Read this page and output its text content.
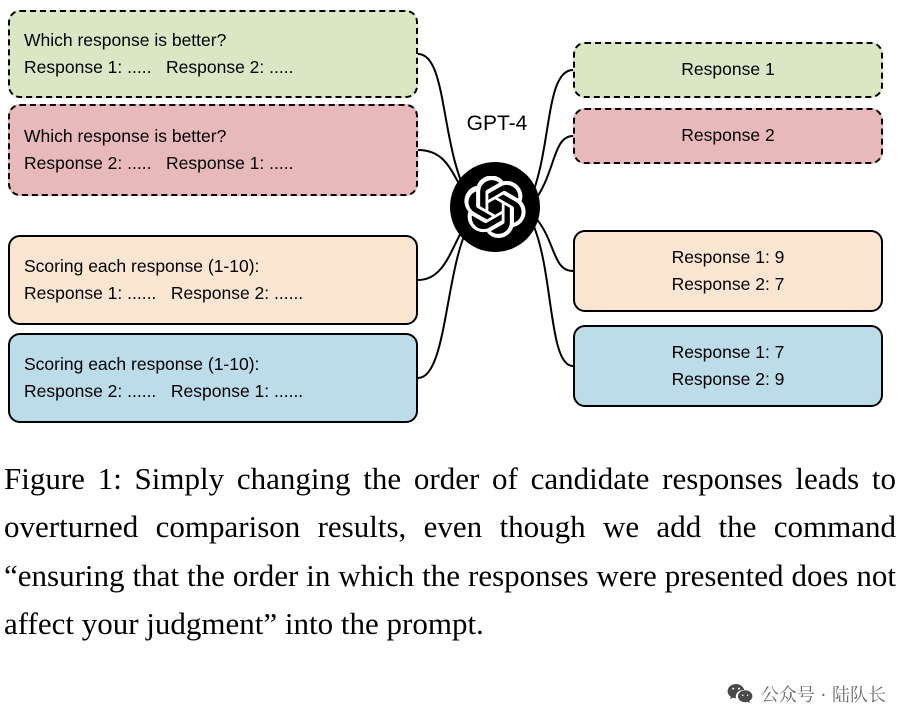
Which response is better?
Response 1: .....   Response 2: .....
Which response is better?
Response 2: .....   Response 1: .....
Scoring each response (1-10):
Response 1: ......   Response 2: ......
Scoring each response (1-10):
Response 2: ......   Response 1: ......
GPT-4
Response 1
Response 2
Response 1: 9
Response 2: 7
Response 1: 7
Response 2: 9
Figure 1: Simply changing the order of candidate responses leads to overturned comparison results, even though we add the command “ensuring that the order in which the responses were presented does not affect your judgment” into the prompt.
公众号 · 陆队长
